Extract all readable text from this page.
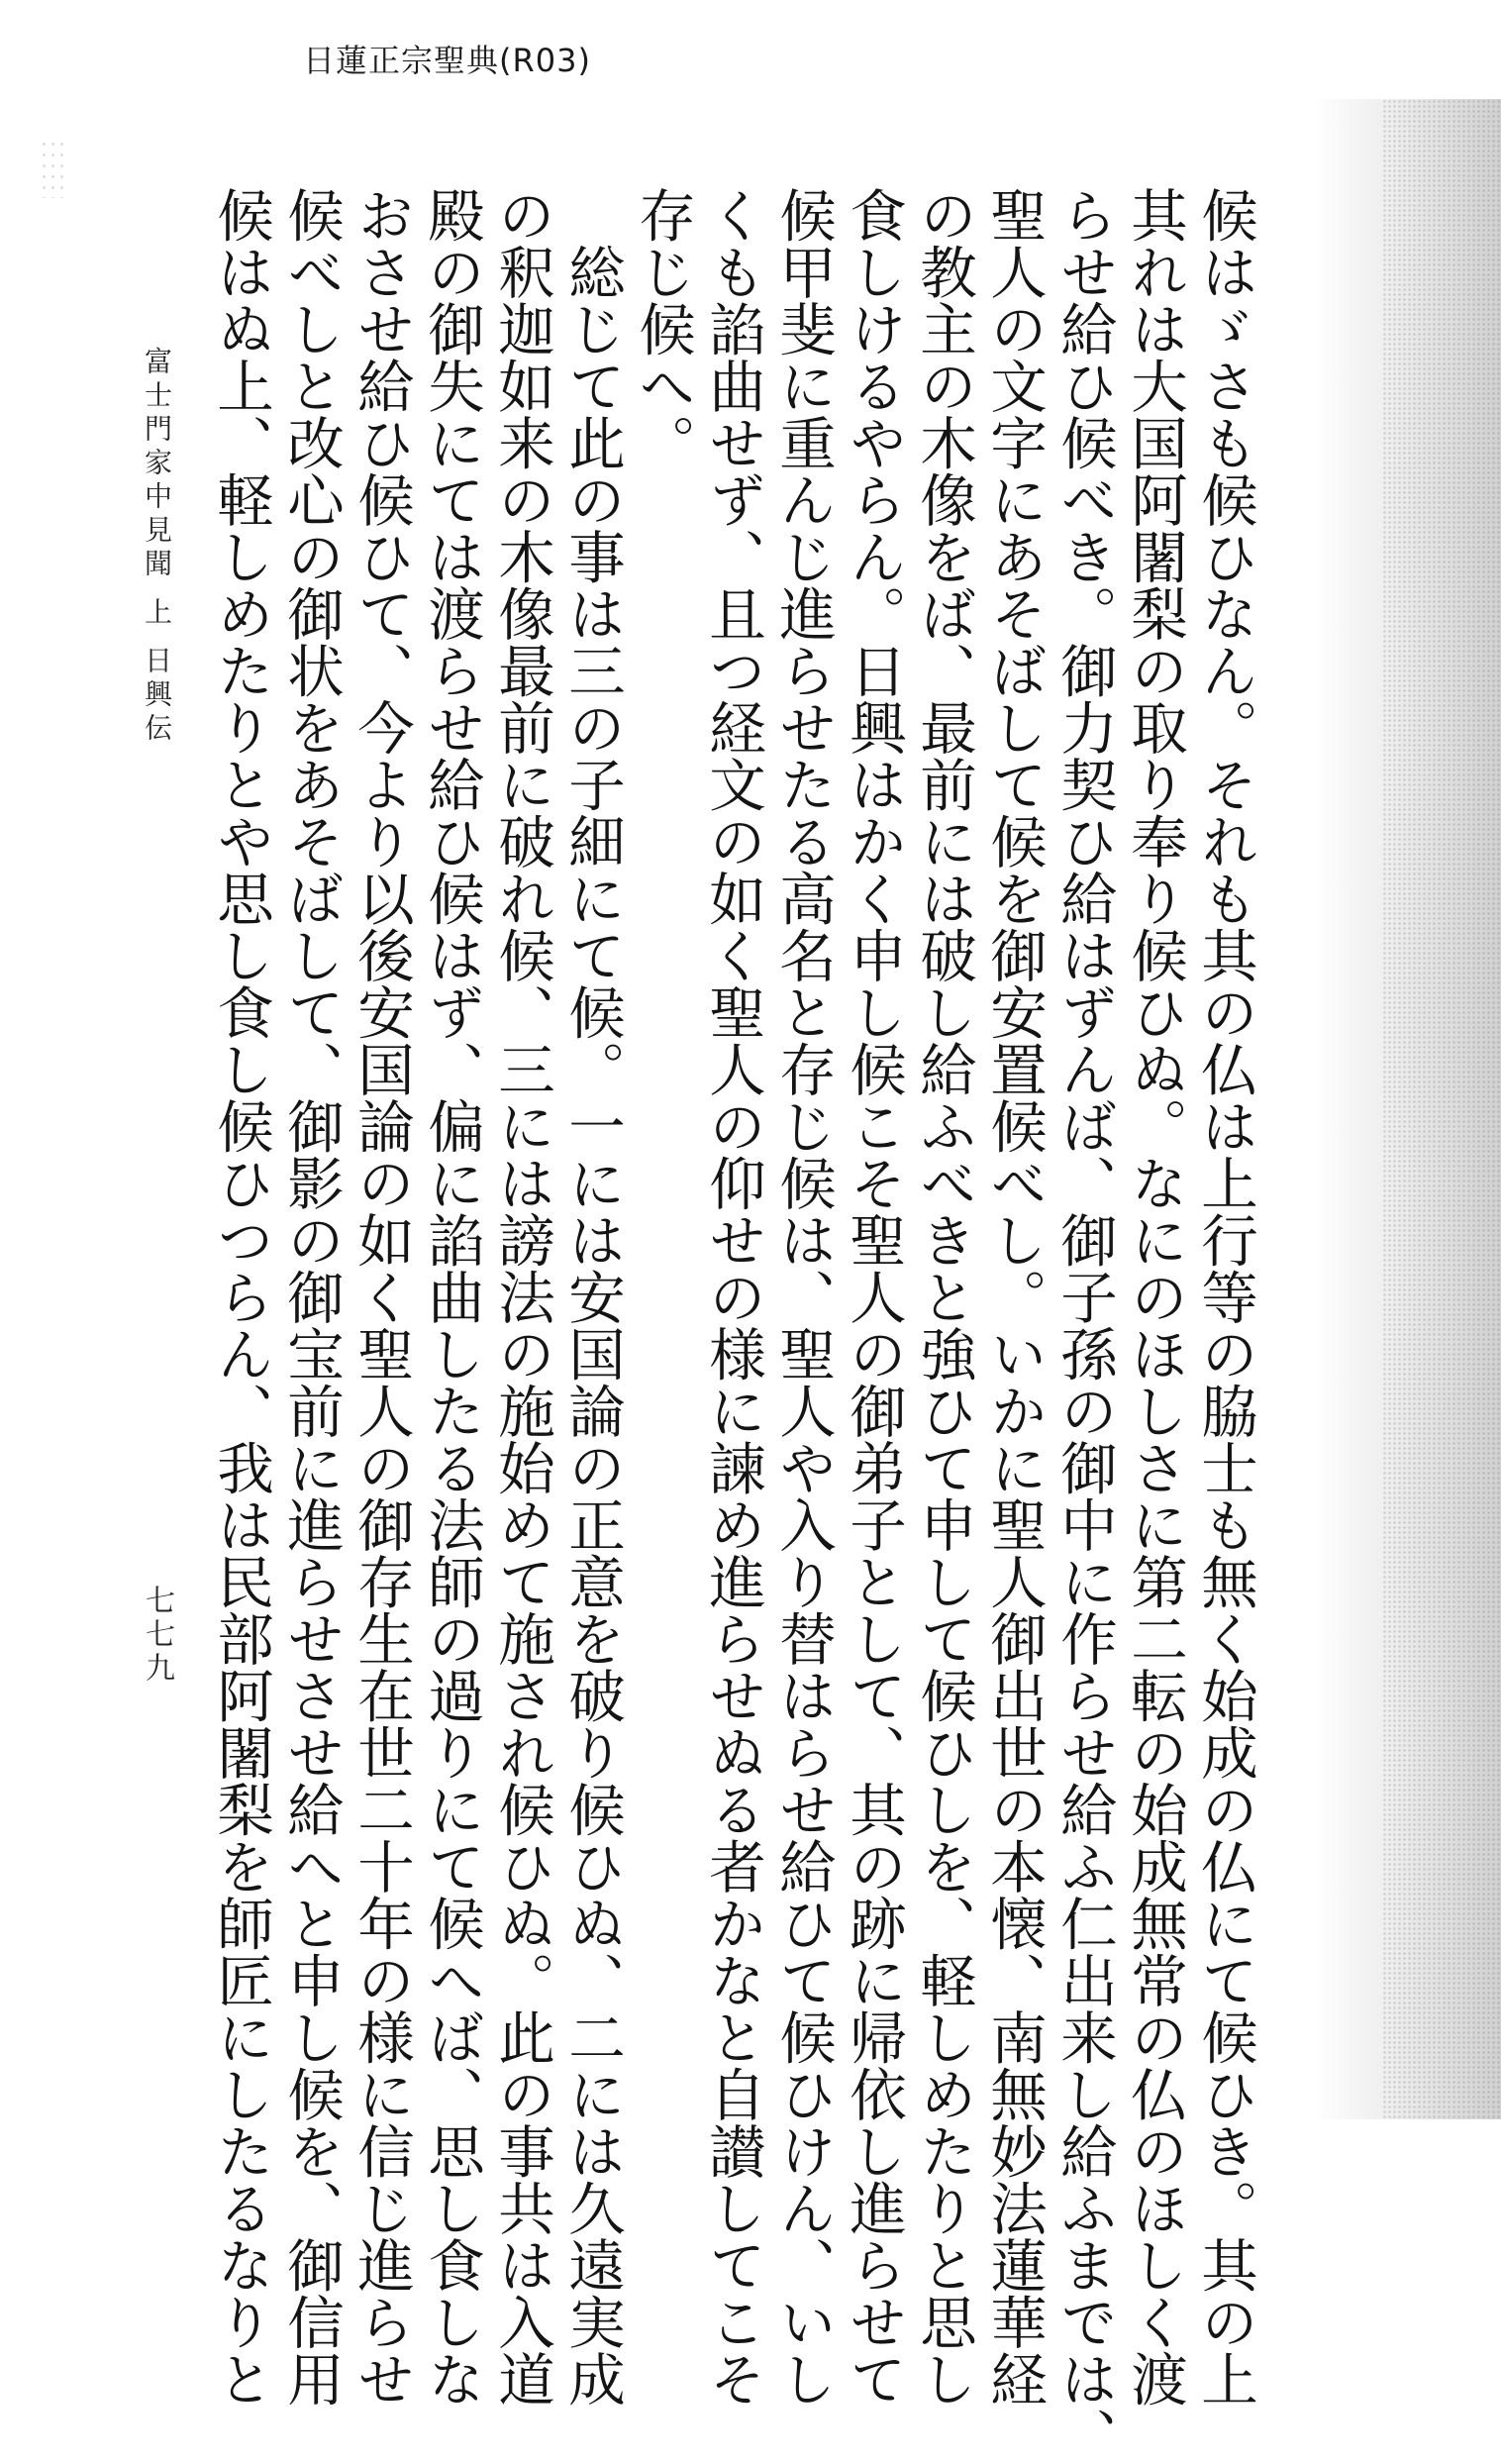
日蓮正宗聖典(R03)
候はゞさも候ひなん。それも其の仏は上行等の脇士も無く始成の仏にて候ひき。其の上
其れは大国阿闍梨の取り奉り候ひぬ。なにのほしさに第二転の始成無常の仏のほしく渡
らせ給ひ候べき。御力契ひ給はずんば、御子孫の御中に作らせ給ふ仁出来し給ふまでは、
聖人の文字にあそばして候を御安置候べし。いかに聖人御出世の本懐、南無妙法蓮華経
の教主の木像をば、最前には破し給ふべきと強ひて申して候ひしを、軽しめたりと思し
食しけるやらん。日興はかく申し候こそ聖人の御弟子として、其の跡に帰依し進らせて
候甲斐に重んじ進らせたる高名と存じ候は、聖人や入り替はらせ給ひて候ひけん、いし
くも諂曲せず、且つ経文の如く聖人の仰せの様に諫め進らせぬる者かなと自讃してこそ
存じ候へ。
　総じて此の事は三の子細にて候。一には安国論の正意を破り候ひぬ、二には久遠実成
の釈迦如来の木像最前に破れ候、三には謗法の施始めて施され候ひぬ。此の事共は入道
殿の御失にては渡らせ給ひ候はず、偏に諂曲したる法師の過りにて候へば、思し食しな
おさせ給ひ候ひて、今より以後安国論の如く聖人の御存生在世二十年の様に信じ進らせ
候べしと改心の御状をあそばして、御影の御宝前に進らせさせ給へと申し候を、御信用
候はぬ上、軽しめたりとや思し食し候ひつらん、我は民部阿闍梨を師匠にしたるなりと
富士門家中見聞 上 日興伝
七七九
